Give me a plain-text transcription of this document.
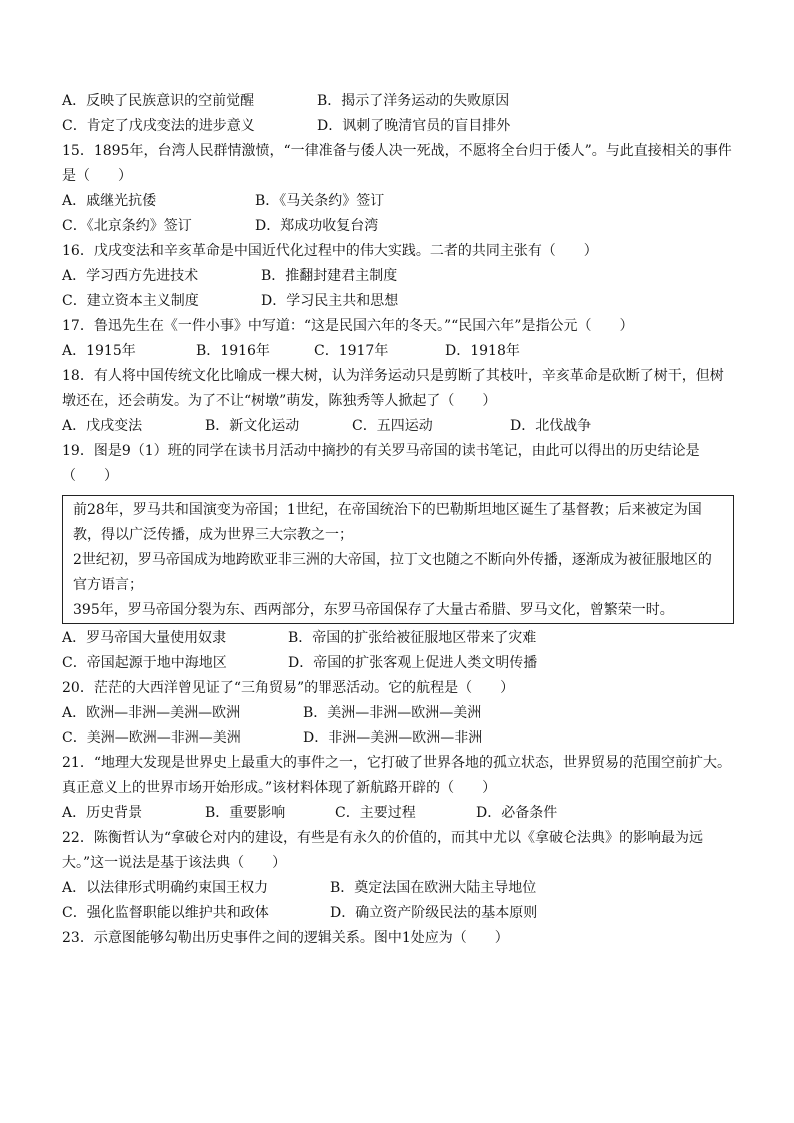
A．反映了民族意识的空前觉醒	B．揭示了洋务运动的失败原因
C．肯定了戊戌变法的进步意义	D．讽刺了晚清官员的盲目排外
15．1895年，台湾人民群情激愤，“一律准备与倭人决一死战，不愿将全台归于倭人”。与此直接相关的事件
是（　　）
A．戚继光抗倭	B．《马关条约》签订
C．《北京条约》签订	D．郑成功收复台湾
16．戊戌变法和辛亥革命是中国近代化过程中的伟大实践。二者的共同主张有（　　）
A．学习西方先进技术	B．推翻封建君主制度
C．建立资本主义制度	D．学习民主共和思想
17．鲁迅先生在《一件小事》中写道：“这是民国六年的冬天。”“民国六年”是指公元（　　）
A．1915年	B．1916年	C．1917年	D．1918年
18．有人将中国传统文化比喻成一棵大树，认为洋务运动只是剪断了其枝叶，辛亥革命是砍断了树干，但树
墩还在，还会萌发。为了不让“树墩”萌发，陈独秀等人掀起了（　　）
A．戊戌变法	B．新文化运动	C．五四运动	D．北伐战争
19．图是9（1）班的同学在读书月活动中摘抄的有关罗马帝国的读书笔记，由此可以得出的历史结论是
（　　）

前28年，罗马共和国演变为帝国；1世纪，在帝国统治下的巴勒斯坦地区诞生了基督教；后来被定为国

教，得以广泛传播，成为世界三大宗教之一；

2世纪初，罗马帝国成为地跨欧亚非三洲的大帝国，拉丁文也随之不断向外传播，逐渐成为被征服地区的

官方语言；

395年，罗马帝国分裂为东、西两部分，东罗马帝国保存了大量古希腊、罗马文化，曾繁荣一时。

A．罗马帝国大量使用奴隶	B．帝国的扩张给被征服地区带来了灾难
C．帝国起源于地中海地区	D．帝国的扩张客观上促进人类文明传播
20．茫茫的大西洋曾见证了“三角贸易”的罪恶活动。它的航程是（　　）
A．欧洲—非洲—美洲—欧洲	B．美洲—非洲—欧洲—美洲
C．美洲—欧洲—非洲—美洲	D．非洲—美洲—欧洲—非洲
21．“地理大发现是世界史上最重大的事件之一，它打破了世界各地的孤立状态，世界贸易的范围空前扩大。
真正意义上的世界市场开始形成。”该材料体现了新航路开辟的（　　）
A．历史背景	B．重要影响	C．主要过程	D．必备条件
22．陈衡哲认为“拿破仑对内的建设，有些是有永久的价值的，而其中尤以《拿破仑法典》的影响最为远
大。”这一说法是基于该法典（　　）
A．以法律形式明确约束国王权力	B．奠定法国在欧洲大陆主导地位
C．强化监督职能以维护共和政体	D．确立资产阶级民法的基本原则
23．示意图能够勾勒出历史事件之间的逻辑关系。图中1处应为（　　）
